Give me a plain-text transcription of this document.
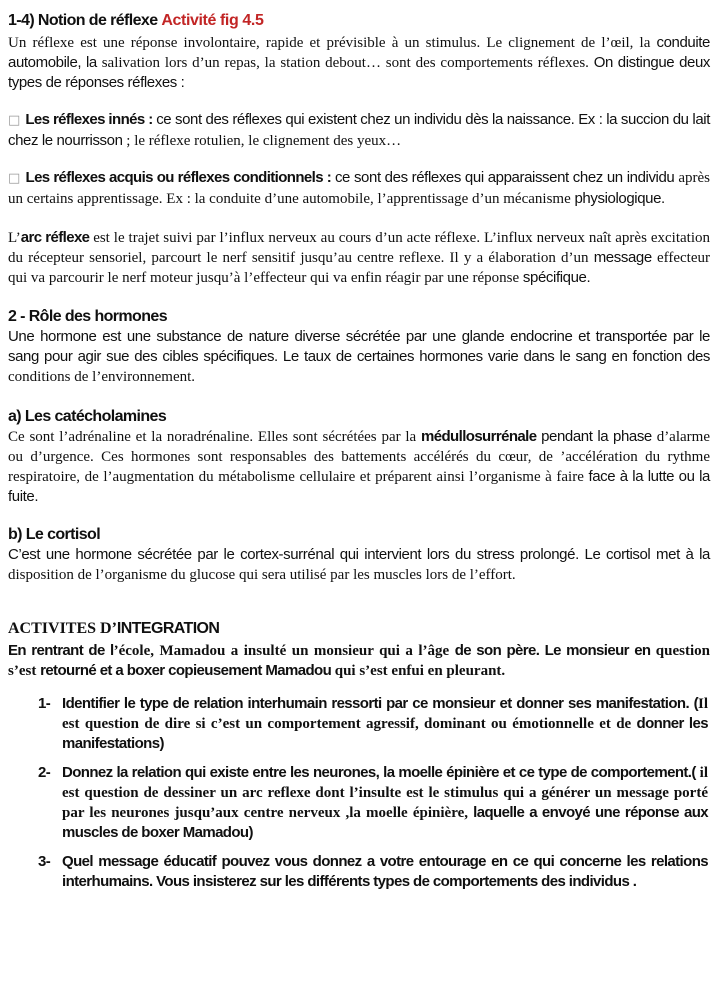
1-4) Notion de réflexe Activité fig 4.5
Un réflexe est une réponse involontaire, rapide et prévisible à un stimulus. Le clignement de l’œil, la conduite automobile, la salivation lors d’un repas, la station debout… sont des comportements réflexes. On distingue deux types de réponses réflexes :
□ Les réflexes innés : ce sont des réflexes qui existent chez un individu dès la naissance. Ex : la succion du lait chez le nourrisson ; le réflexe rotulien, le clignement des yeux…
□ Les réflexes acquis ou réflexes conditionnels : ce sont des réflexes qui apparaissent chez un individu après un certains apprentissage. Ex : la conduite d’une automobile, l’apprentissage d’un mécanisme physiologique.
L’arc réflexe est le trajet suivi par l’influx nerveux au cours d’un acte réflexe. L’influx nerveux naît après excitation du récepteur sensoriel, parcourt le nerf sensitif jusqu’au centre reflexe. Il y a élaboration d’un message effecteur qui va parcourir le nerf moteur jusqu’à l’effecteur qui va enfin réagir par une réponse spécifique.
2 - Rôle des hormones
Une hormone est une substance de nature diverse sécrétée par une glande endocrine et transportée par le sang pour agir sue des cibles spécifiques. Le taux de certaines hormones varie dans le sang en fonction des conditions de l’environnement.
a) Les catécholamines
Ce sont l’adrénaline et la noradrénaline. Elles sont sécrétées par la médullosurrénale pendant la phase d’alarme ou d’urgence. Ces hormones sont responsables des battements accélérés du cœur, de ’accélération du rythme respiratoire, de l’augmentation du métabolisme cellulaire et préparent ainsi l’organisme à faire face à la lutte ou la fuite.
b) Le cortisol
C’est une hormone sécrétée par le cortex-surrénal qui intervient lors du stress prolongé. Le cortisol met à la disposition de l’organisme du glucose qui sera utilisé par les muscles lors de l’effort.
ACTIVITES D’INTEGRATION
En rentrant de l’école, Mamadou a insulté un monsieur qui a l’âge de son père. Le monsieur en question s’est retourné et a boxer copieusement Mamadou qui s’est enfui en pleurant.
1- Identifier le type de relation interhumain ressorti par ce monsieur et donner ses manifestation. (Il est question de dire si c’est un comportement agressif, dominant ou émotionnelle et de donner les manifestations)
2- Donnez la relation qui existe entre les neurones, la moelle épinière et ce type de comportement.( il est question de dessiner un arc reflexe dont l’insulte est le stimulus qui a générer un message porté par les neurones jusqu’aux centre nerveux ,la moelle épinière, laquelle a envoyé une réponse aux muscles de boxer Mamadou)
3- Quel message éducatif pouvez vous donnez a votre entourage en ce qui concerne les relations interhumains. Vous insisterez sur les différents types de comportements des individus .
